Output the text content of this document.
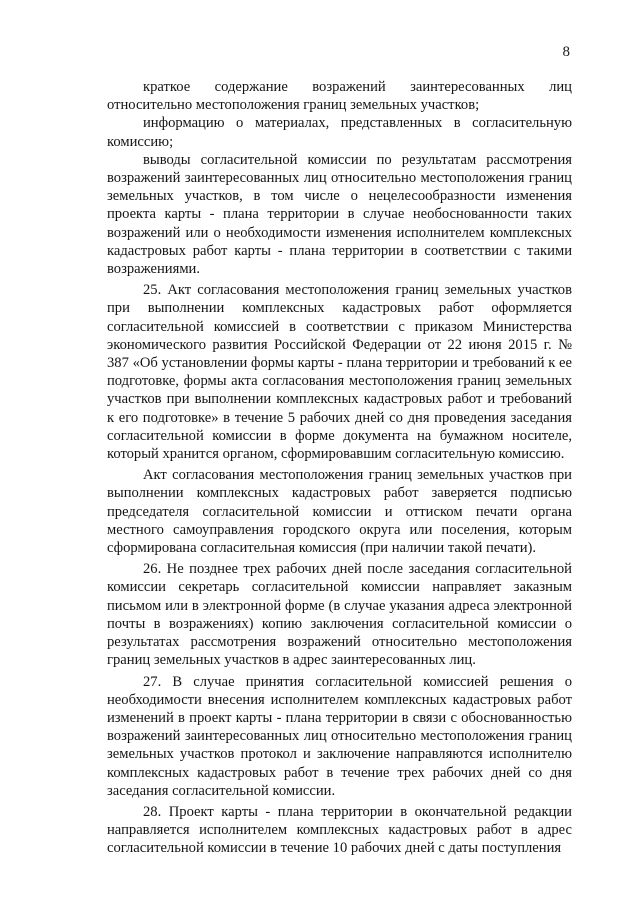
8

краткое содержание возражений заинтересованных лиц относительно местоположения границ земельных участков;

информацию о материалах, представленных в согласительную комиссию;

выводы согласительной комиссии по результатам рассмотрения возражений заинтересованных лиц относительно местоположения границ земельных участков, в том числе о нецелесообразности изменения проекта карты - плана территории в случае необоснованности таких возражений или о необходимости изменения исполнителем комплексных кадастровых работ карты - плана территории в соответствии с такими возражениями.

25. Акт согласования местоположения границ земельных участков при выполнении комплексных кадастровых работ оформляется согласительной комиссией в соответствии с приказом Министерства экономического развития Российской Федерации от 22 июня 2015 г. № 387 «Об установлении формы карты - плана территории и требований к ее подготовке, формы акта согласования местоположения границ земельных участков при выполнении комплексных кадастровых работ и требований к его подготовке» в течение 5 рабочих дней со дня проведения заседания согласительной комиссии в форме документа на бумажном носителе, который хранится органом, сформировавшим согласительную комиссию.

Акт согласования местоположения границ земельных участков при выполнении комплексных кадастровых работ заверяется подписью председателя согласительной комиссии и оттиском печати органа местного самоуправления городского округа или поселения, которым сформирована согласительная комиссия (при наличии такой печати).

26. Не позднее трех рабочих дней после заседания согласительной комиссии секретарь согласительной комиссии направляет заказным письмом или в электронной форме (в случае указания адреса электронной почты в возражениях) копию заключения согласительной комиссии о результатах рассмотрения возражений относительно местоположения границ земельных участков в адрес заинтересованных лиц.

27. В случае принятия согласительной комиссией решения о необходимости внесения исполнителем комплексных кадастровых работ изменений в проект карты - плана территории в связи с обоснованностью возражений заинтересованных лиц относительно местоположения границ земельных участков протокол и заключение направляются исполнителю комплексных кадастровых работ в течение трех рабочих дней со дня заседания согласительной комиссии.

28. Проект карты - плана территории в окончательной редакции направляется исполнителем комплексных кадастровых работ в адрес согласительной комиссии в течение 10 рабочих дней с даты поступления
